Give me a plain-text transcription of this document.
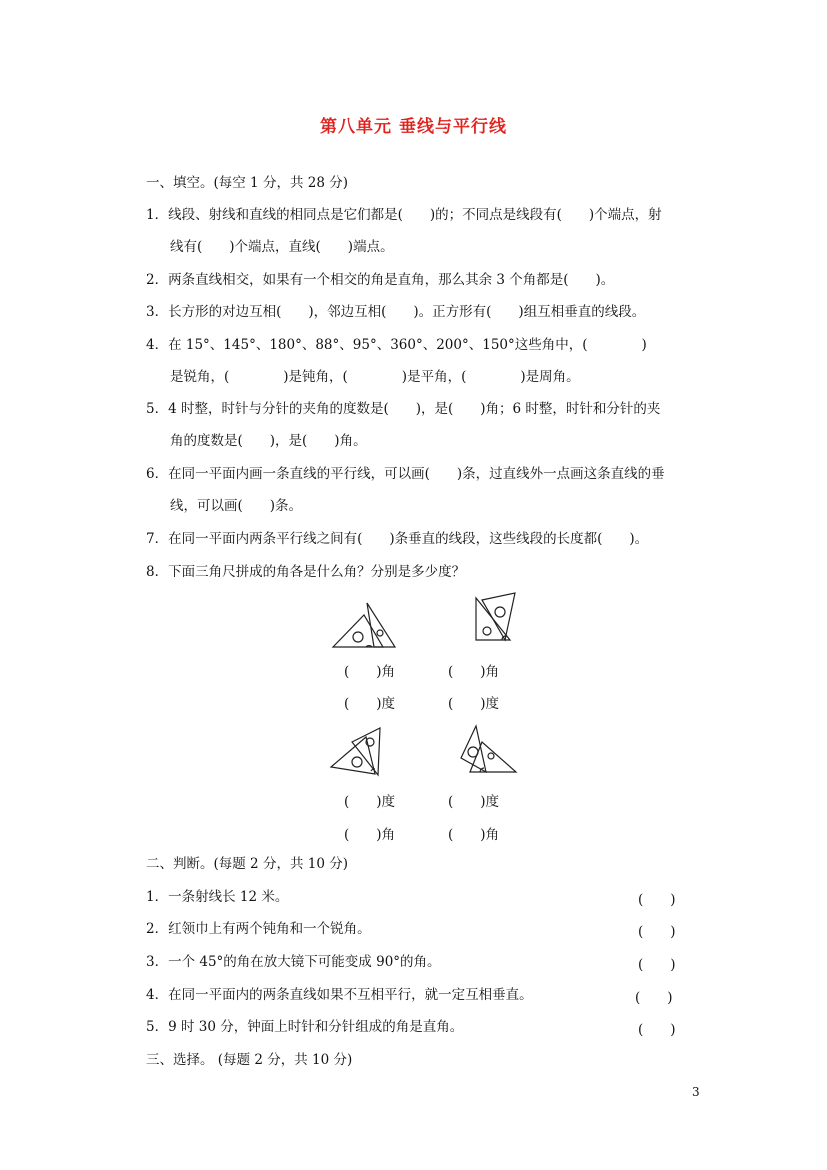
第八单元 垂线与平行线
一、填空。(每空 1 分，共 28 分)
1．线段、射线和直线的相同点是它们都是(　　)的；不同点是线段有(　　)个端点，射
线有(　　)个端点，直线(　　)端点。
2．两条直线相交，如果有一个相交的角是直角，那么其余 3 个角都是(　　)。
3．长方形的对边互相(　　)，邻边互相(　　)。正方形有(　　)组互相垂直的线段。
4．在 15°、145°、180°、88°、95°、360°、200°、150°这些角中，(　　　　)
是锐角，(　　　　)是钝角，(　　　　)是平角，(　　　　)是周角。
5．4 时整，时针与分针的夹角的度数是(　　)，是(　　)角；6 时整，时针和分针的夹
角的度数是(　　)，是(　　)角。
6．在同一平面内画一条直线的平行线，可以画(　　)条，过直线外一点画这条直线的垂
线，可以画(　　)条。
7．在同一平面内两条平行线之间有(　　)条垂直的线段，这些线段的长度都(　　)。
8．下面三角尺拼成的角各是什么角？分别是多少度？
(　　)角	(　　)角
(　　)度	(　　)度
(　　)度	(　　)度
(　　)角	(　　)角
二、判断。(每题 2 分，共 10 分)
1．一条射线长 12 米。	(　　)
2．红领巾上有两个钝角和一个锐角。	(　　)
3．一个 45°的角在放大镜下可能变成 90°的角。	(　　)
4．在同一平面内的两条直线如果不互相平行，就一定互相垂直。	(　　)
5．9 时 30 分，钟面上时针和分针组成的角是直角。	(　　)
三、选择。 (每题 2 分，共 10 分)
3
